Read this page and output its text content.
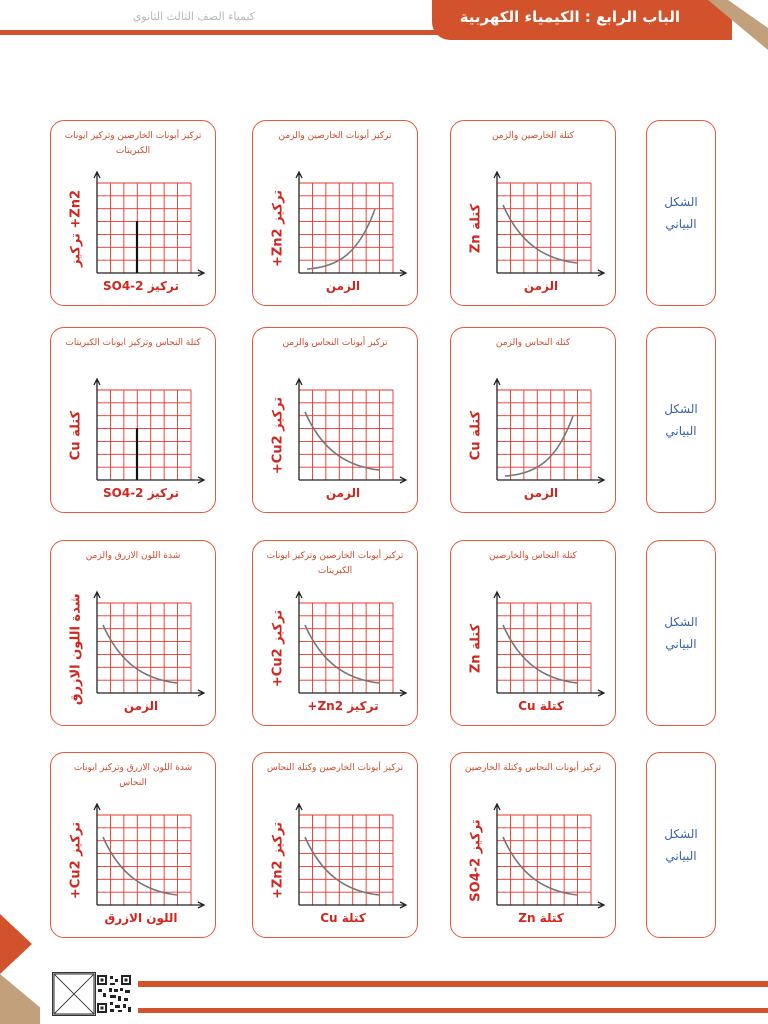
الباب الرابع : الكيمياء الكهربية
كيمياء الصف الثالث الثانوي
الشكل البياني
كتلة الخارصين والزمن
كتلة Zn
الزمن
تركيز أيونات الخارصين والزمن
تركيز Zn2+
الزمن
تركيز أيونات الخارصين وتركيز ايونات الكبريتات
Zn2+ تركيز
تركيز SO4-2
الشكل البياني
كتلة النحاس والزمن
كتلة Cu
الزمن
تركيز أيونات النحاس والزمن
تركيز Cu2+
الزمن
كتلة النحاس وتركيز ايونات الكبريتات
كتلة Cu
تركيز SO4-2
الشكل البياني
كتلة النحاس والخارصين
كتلة Zn
كتلة Cu
تركيز أيونات الخارصين وتركيز ايونات الكبريتات
تركيز Cu2+
تركيز Zn2+
شدة اللون الازرق والزمن
شدة اللون الازرق
الزمن
الشكل البياني
تركيز أيونات النحاس وكتلة الخارصين
تركيز SO4-2
كتلة Zn
تركيز أيونات الخارصين وكتلة النحاس
تركيز Zn2+
كتلة Cu
شدة اللون الازرق وتركيز ايونات النحاس
تركيز Cu2+
اللون الازرق
